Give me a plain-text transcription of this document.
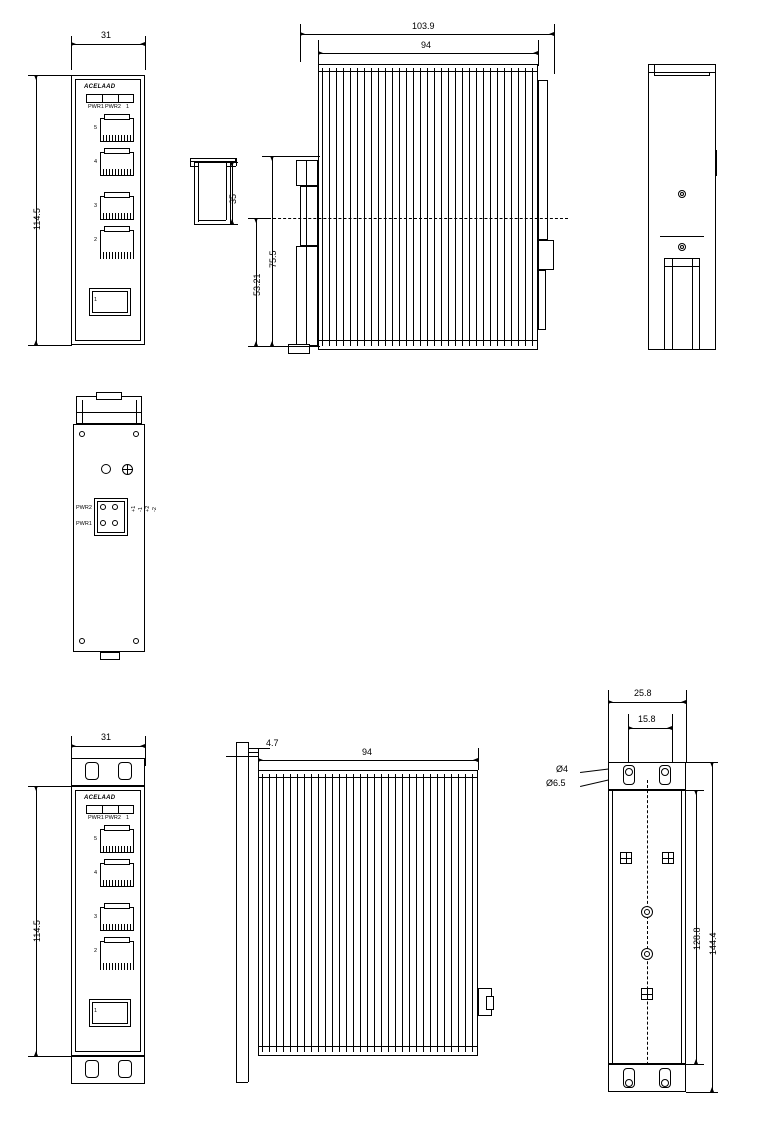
31
114.5
ACELAAD
PWR1 PWR2 1
5
4
3
2
1
103.9
94
35
75.5
53.21
+1 -1 +2 -2
PWR2
PWR1
31
114.5
ACELAAD
PWR1 PWR2 1
5
4
3
2
1
4.7
94
25.8
15.8
Ø4
Ø6.5
128.8 144.4
